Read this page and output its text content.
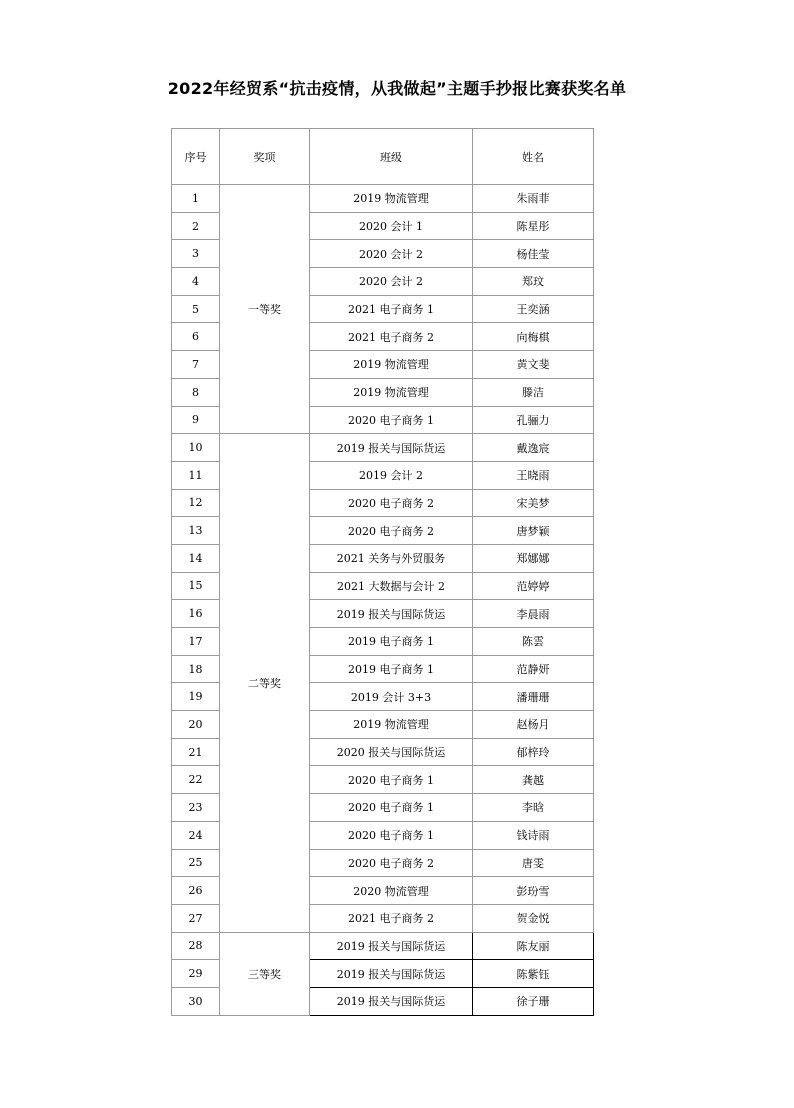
2022年经贸系“抗击疫情，从我做起”主题手抄报比赛获奖名单
序号	奖项	班级	姓名
1	一等奖	2019 物流管理	朱雨菲
2		2020 会计 1	陈星彤
3		2020 会计 2	杨佳莹
4		2020 会计 2	郑玟
5		2021 电子商务 1	王奕涵
6		2021 电子商务 2	向梅棋
7		2019 物流管理	黄文斐
8		2019 物流管理	滕洁
9		2020 电子商务 1	孔骊力
10	二等奖	2019 报关与国际货运	戴逸宸
11		2019 会计 2	王晓雨
12		2020 电子商务 2	宋美梦
13		2020 电子商务 2	唐梦颖
14		2021 关务与外贸服务	郑娜娜
15		2021 大数据与会计 2	范婷婷
16		2019 报关与国际货运	李晨雨
17		2019 电子商务 1	陈雲
18		2019 电子商务 1	范静妍
19		2019 会计 3+3	潘珊珊
20		2019 物流管理	赵杨月
21		2020 报关与国际货运	郁梓玲
22		2020 电子商务 1	龚越
23		2020 电子商务 1	李晗
24		2020 电子商务 1	钱诗雨
25		2020 电子商务 2	唐雯
26		2020 物流管理	彭玢雪
27		2021 电子商务 2	贺金悦
28	三等奖	2019 报关与国际货运	陈友丽
29		2019 报关与国际货运	陈紫钰
30		2019 报关与国际货运	徐子珊
